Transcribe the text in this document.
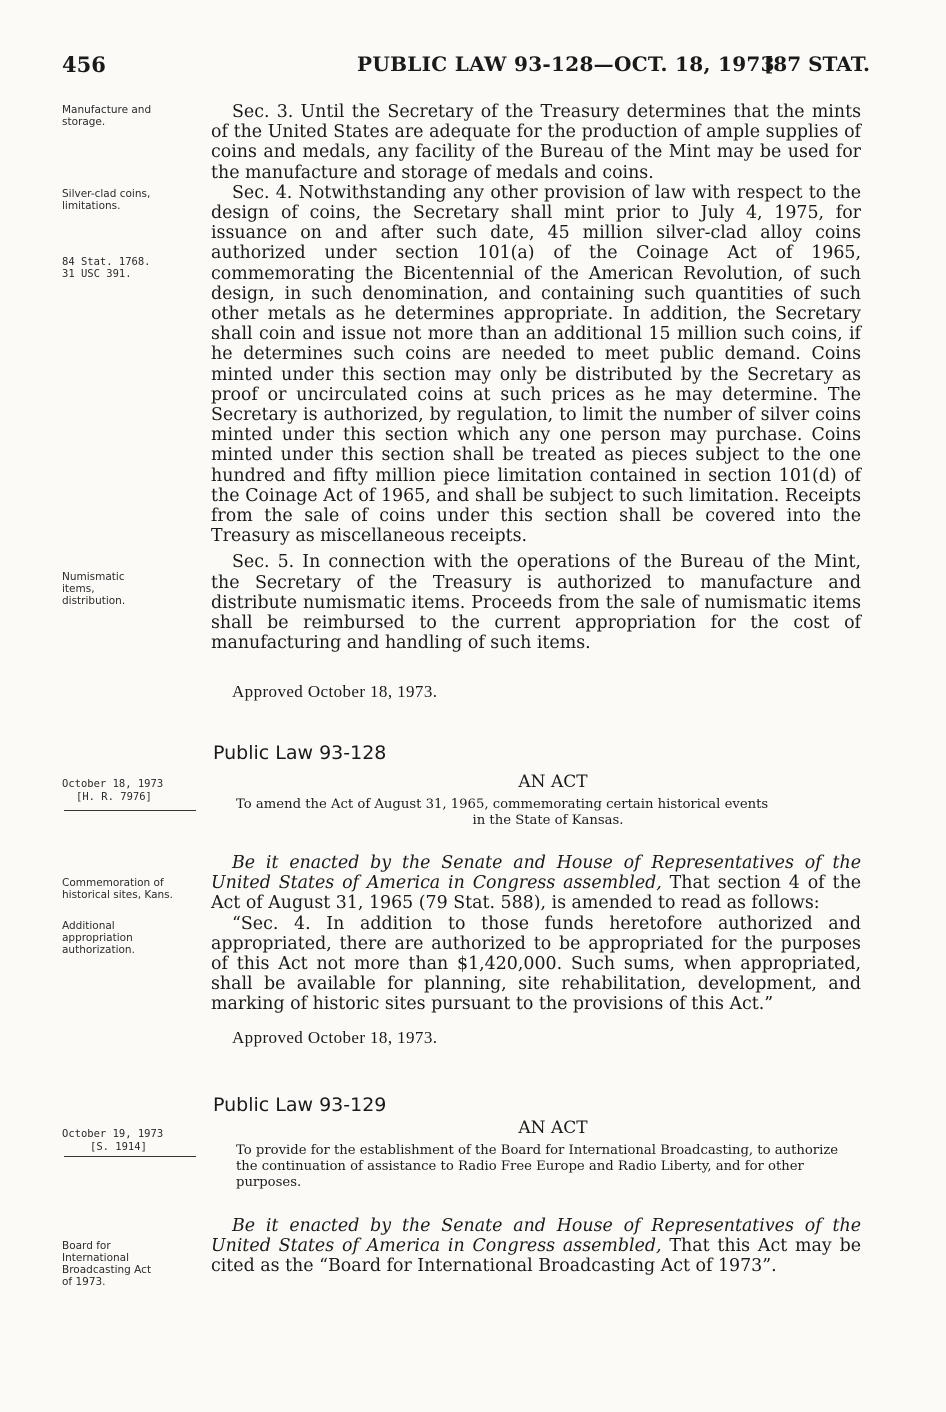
456	PUBLIC LAW 93-128—OCT. 18, 1973
[87 STAT.
Manufacture and storage.
Silver-clad coins, limitations.
84 Stat. 1768.
31 USC 391.
Numismatic items, distribution.
October 18, 1973
[H. R. 7976]
Commemoration of historical sites, Kans.
Additional appropriation authorization.
October 19, 1973
[S. 1914]
Board for International Broadcasting Act of 1973.

Sec. 3. Until the Secretary of the Treasury determines that the mints of the United States are adequate for the production of ample supplies of coins and medals, any facility of the Bureau of the Mint may be used for the manufacture and storage of medals and coins.

Sec. 4. Notwithstanding any other provision of law with respect to the design of coins, the Secretary shall mint prior to July 4, 1975, for issuance on and after such date, 45 million silver-clad alloy coins authorized under section 101(a) of the Coinage Act of 1965, commemorating the Bicentennial of the American Revolution, of such design, in such denomination, and containing such quantities of such other metals as he determines appropriate. In addition, the Secretary shall coin and issue not more than an additional 15 million such coins, if he determines such coins are needed to meet public demand. Coins minted under this section may only be distributed by the Secretary as proof or uncirculated coins at such prices as he may determine. The Secretary is authorized, by regulation, to limit the number of silver coins minted under this section which any one person may purchase. Coins minted under this section shall be treated as pieces subject to the one hundred and fifty million piece limitation contained in section 101(d) of the Coinage Act of 1965, and shall be subject to such limitation. Receipts from the sale of coins under this section shall be covered into the Treasury as miscellaneous receipts.

Sec. 5. In connection with the operations of the Bureau of the Mint, the Secretary of the Treasury is authorized to manufacture and distribute numismatic items. Proceeds from the sale of numismatic items shall be reimbursed to the current appropriation for the cost of manufacturing and handling of such items.

Approved October 18, 1973.
Public Law 93-128
AN ACT
To amend the Act of August 31, 1965, commemorating certain historical events
in the State of Kansas.

Be it enacted by the Senate and House of Representatives of the United States of America in Congress assembled, That section 4 of the Act of August 31, 1965 (79 Stat. 588), is amended to read as follows:

“Sec. 4. In addition to those funds heretofore authorized and appropriated, there are authorized to be appropriated for the purposes of this Act not more than $1,420,000. Such sums, when appropriated, shall be available for planning, site rehabilitation, development, and marking of historic sites pursuant to the provisions of this Act.”

Approved October 18, 1973.
Public Law 93-129
AN ACT
To provide for the establishment of the Board for International Broadcasting, to authorize the continuation of assistance to Radio Free Europe and Radio Liberty, and for other purposes.

Be it enacted by the Senate and House of Representatives of the United States of America in Congress assembled, That this Act may be cited as the “Board for International Broadcasting Act of 1973”.
